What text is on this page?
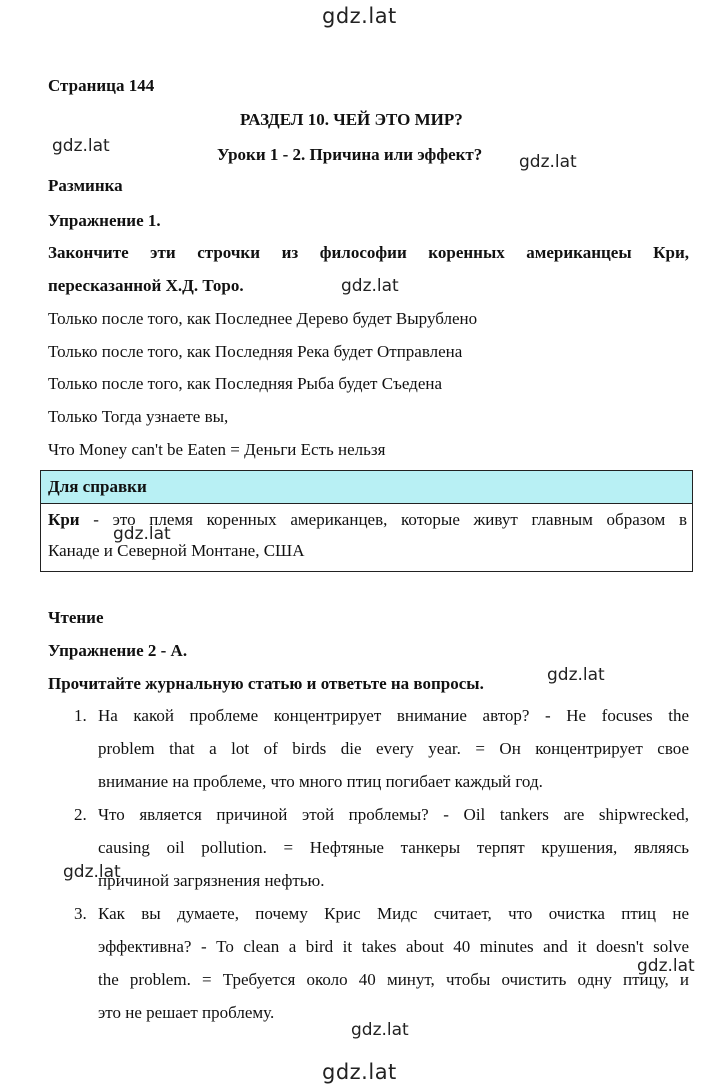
gdz.lat
gdz.lat
gdz.lat
gdz.lat
gdz.lat
gdz.lat
gdz.lat
gdz.lat
gdz.lat
gdz.lat
Страница 144
РАЗДЕЛ 10. ЧЕЙ ЭТО МИР?
Уроки 1 - 2. Причина или эффект?
Разминка
Упражнение 1.
Закончите эти строчки из философии коренных американцеы Кри,
пересказанной Х.Д. Торо.
Только после того, как Последнее Дерево будет Вырублено
Только после того, как Последняя Река будет Отправлена
Только после того, как Последняя Рыба будет Съедена
Только Тогда узнаете вы,
Что Money can't be Eaten = Деньги Есть нельзя
Для справки
Кри - это племя коренных американцев, которые живут главным образом в
Канаде и Северной Монтане, США
Чтение
Упражнение 2 - A.
Прочитайте журнальную статью и ответьте на вопросы.
1. На какой проблеме концентрирует внимание автор? - He focuses the
problem that a lot of birds die every year. = Он концентрирует свое
внимание на проблеме, что много птиц погибает каждый год.
2. Что является причиной этой проблемы? - Oil tankers are shipwrecked,
causing oil pollution. = Нефтяные танкеры терпят крушения, являясь
причиной загрязнения нефтью.
3. Как вы думаете, почему Крис Мидс считает, что очистка птиц не
эффективна? - To clean a bird it takes about 40 minutes and it doesn't solve
the problem. = Требуется около 40 минут, чтобы очистить одну птицу, и
это не решает проблему.
